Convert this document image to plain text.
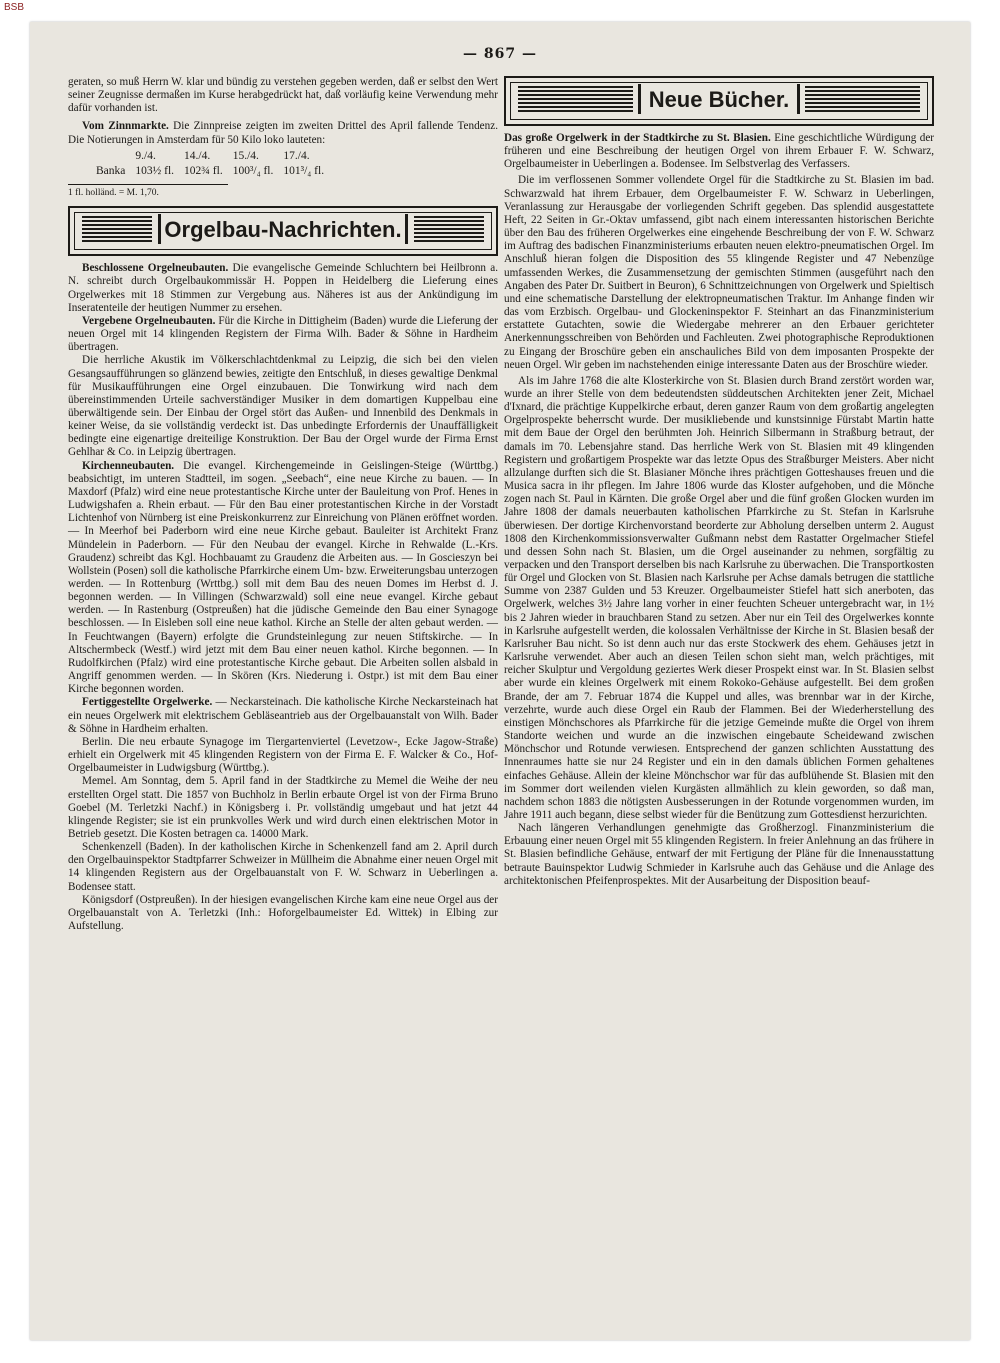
BSB
— 867 —

geraten, so muß Herrn W. klar und bündig zu verstehen gegeben werden, daß er selbst den Wert seiner Zeugnisse dermaßen im Kurse herabgedrückt hat, daß vorläufig keine Verwendung mehr dafür vorhanden ist.

Vom Zinnmarkte. Die Zinnpreise zeigten im zweiten Drittel des April fallende Tendenz. Die Notierungen in Amsterdam für 50 Kilo loko lauteten:

	9./4.	14./4.	15./4.	17./4.
Banka	103½ fl.	102¾ fl.	100³/₄ fl.	101³/₄ fl.
1 fl. holländ. = M. 1,70.
Orgelbau-Nachrichten.

Beschlossene Orgelneubauten. Die evangelische Gemeinde Schluchtern bei Heilbronn a. N. schreibt durch Orgelbaukommissär H. Poppen in Heidelberg die Lieferung eines Orgelwerkes mit 18 Stimmen zur Vergebung aus. Näheres ist aus der Ankündigung im Inseratenteile der heutigen Nummer zu ersehen.

Vergebene Orgelneubauten. Für die Kirche in Dittigheim (Baden) wurde die Lieferung der neuen Orgel mit 14 klingenden Registern der Firma Wilh. Bader & Söhne in Hardheim übertragen.

Die herrliche Akustik im Völkerschlachtdenkmal zu Leipzig, die sich bei den vielen Gesangsaufführungen so glänzend bewies, zeitigte den Entschluß, in dieses gewaltige Denkmal für Musikaufführungen eine Orgel einzubauen. Die Tonwirkung wird nach dem übereinstimmenden Urteile sachverständiger Musiker in dem domartigen Kuppelbau eine überwältigende sein. Der Einbau der Orgel stört das Außen- und Innenbild des Denkmals in keiner Weise, da sie vollständig verdeckt ist. Das unbedingte Erfordernis der Unauffälligkeit bedingte eine eigenartige dreiteilige Konstruktion. Der Bau der Orgel wurde der Firma Ernst Gehlhar & Co. in Leipzig übertragen.

Kirchenneubauten. Die evangel. Kirchengemeinde in Geislingen-Steige (Württbg.) beabsichtigt, im unteren Stadtteil, im sogen. „Seebach“, eine neue Kirche zu bauen. — In Maxdorf (Pfalz) wird eine neue protestantische Kirche unter der Bauleitung von Prof. Henes in Ludwigshafen a. Rhein erbaut. — Für den Bau einer protestantischen Kirche in der Vorstadt Lichtenhof von Nürnberg ist eine Preiskonkurrenz zur Einreichung von Plänen eröffnet worden. — In Meerhof bei Paderborn wird eine neue Kirche gebaut. Bauleiter ist Architekt Franz Mündelein in Paderborn. — Für den Neubau der evangel. Kirche in Rehwalde (L.-Krs. Graudenz) schreibt das Kgl. Hochbauamt zu Graudenz die Arbeiten aus. — In Goscieszyn bei Wollstein (Posen) soll die katholische Pfarrkirche einem Um- bzw. Erweiterungsbau unterzogen werden. — In Rottenburg (Wrttbg.) soll mit dem Bau des neuen Domes im Herbst d. J. begonnen werden. — In Villingen (Schwarzwald) soll eine neue evangel. Kirche gebaut werden. — In Rastenburg (Ostpreußen) hat die jüdische Gemeinde den Bau einer Synagoge beschlossen. — In Eisleben soll eine neue kathol. Kirche an Stelle der alten gebaut werden. — In Feuchtwangen (Bayern) erfolgte die Grundsteinlegung zur neuen Stiftskirche. — In Altschermbeck (Westf.) wird jetzt mit dem Bau einer neuen kathol. Kirche begonnen. — In Rudolfkirchen (Pfalz) wird eine protestantische Kirche gebaut. Die Arbeiten sollen alsbald in Angriff genommen werden. — In Skören (Krs. Niederung i. Ostpr.) ist mit dem Bau einer Kirche begonnen worden.

Fertiggestellte Orgelwerke. — Neckarsteinach. Die katholische Kirche Neckarsteinach hat ein neues Orgelwerk mit elektrischem Gebläseantrieb aus der Orgelbauanstalt von Wilh. Bader & Söhne in Hardheim erhalten.

Berlin. Die neu erbaute Synagoge im Tiergartenviertel (Levetzow-, Ecke Jagow-Straße) erhielt ein Orgelwerk mit 45 klingenden Registern von der Firma E. F. Walcker & Co., Hof-Orgelbaumeister in Ludwigsburg (Württbg.).

Memel. Am Sonntag, dem 5. April fand in der Stadtkirche zu Memel die Weihe der neu erstellten Orgel statt. Die 1857 von Buchholz in Berlin erbaute Orgel ist von der Firma Bruno Goebel (M. Terletzki Nachf.) in Königsberg i. Pr. vollständig umgebaut und hat jetzt 44 klingende Register; sie ist ein prunkvolles Werk und wird durch einen elektrischen Motor in Betrieb gesetzt. Die Kosten betragen ca. 14000 Mark.

Schenkenzell (Baden). In der katholischen Kirche in Schenkenzell fand am 2. April durch den Orgelbauinspektor Stadtpfarrer Schweizer in Müllheim die Abnahme einer neuen Orgel mit 14 klingenden Registern aus der Orgelbauanstalt von F. W. Schwarz in Ueberlingen a. Bodensee statt.

Königsdorf (Ostpreußen). In der hiesigen evangelischen Kirche kam eine neue Orgel aus der Orgelbauanstalt von A. Terletzki (Inh.: Hoforgelbaumeister Ed. Wittek) in Elbing zur Aufstellung.

Neue Bücher.

Das große Orgelwerk in der Stadtkirche zu St. Blasien. Eine geschichtliche Würdigung der früheren und eine Beschreibung der heutigen Orgel von ihrem Erbauer F. W. Schwarz, Orgelbaumeister in Ueberlingen a. Bodensee. Im Selbstverlag des Verfassers.

Die im verflossenen Sommer vollendete Orgel für die Stadtkirche zu St. Blasien im bad. Schwarzwald hat ihrem Erbauer, dem Orgelbaumeister F. W. Schwarz in Ueberlingen, Veranlassung zur Herausgabe der vorliegenden Schrift gegeben. Das splendid ausgestattete Heft, 22 Seiten in Gr.-Oktav umfassend, gibt nach einem interessanten historischen Berichte über den Bau des früheren Orgelwerkes eine eingehende Beschreibung der von F. W. Schwarz im Auftrag des badischen Finanzministeriums erbauten neuen elektro-pneumatischen Orgel. Im Anschluß hieran folgen die Disposition des 55 klingende Register und 47 Nebenzüge umfassenden Werkes, die Zusammensetzung der gemischten Stimmen (ausgeführt nach den Angaben des Pater Dr. Suitbert in Beuron), 6 Schnittzeichnungen von Orgelwerk und Spieltisch und eine schematische Darstellung der elektropneumatischen Traktur. Im Anhange finden wir das vom Erzbisch. Orgelbau- und Glockeninspektor F. Steinhart an das Finanzministerium erstattete Gutachten, sowie die Wiedergabe mehrerer an den Erbauer gerichteter Anerkennungsschreiben von Behörden und Fachleuten. Zwei photographische Reproduktionen zu Eingang der Broschüre geben ein anschauliches Bild von dem imposanten Prospekte der neuen Orgel. Wir geben im nachstehenden einige interessante Daten aus der Broschüre wieder.

Als im Jahre 1768 die alte Klosterkirche von St. Blasien durch Brand zerstört worden war, wurde an ihrer Stelle von dem bedeutendsten süddeutschen Architekten jener Zeit, Michael d'Ixnard, die prächtige Kuppelkirche erbaut, deren ganzer Raum von dem großartig angelegten Orgelprospekte beherrscht wurde. Der musikliebende und kunstsinnige Fürstabt Martin hatte mit dem Baue der Orgel den berühmten Joh. Heinrich Silbermann in Straßburg betraut, der damals im 70. Lebensjahre stand. Das herrliche Werk von St. Blasien mit 49 klingenden Registern und großartigem Prospekte war das letzte Opus des Straßburger Meisters. Aber nicht allzulange durften sich die St. Blasianer Mönche ihres prächtigen Gotteshauses freuen und die Musica sacra in ihr pflegen. Im Jahre 1806 wurde das Kloster aufgehoben, und die Mönche zogen nach St. Paul in Kärnten. Die große Orgel aber und die fünf großen Glocken wurden im Jahre 1808 der damals neuerbauten katholischen Pfarrkirche zu St. Stefan in Karlsruhe überwiesen. Der dortige Kirchenvorstand beorderte zur Abholung derselben unterm 2. August 1808 den Kirchenkommissionsverwalter Gußmann nebst dem Rastatter Orgelmacher Stiefel und dessen Sohn nach St. Blasien, um die Orgel auseinander zu nehmen, sorgfältig zu verpacken und den Transport derselben bis nach Karlsruhe zu überwachen. Die Transportkosten für Orgel und Glocken von St. Blasien nach Karlsruhe per Achse damals betrugen die stattliche Summe von 2387 Gulden und 53 Kreuzer. Orgelbaumeister Stiefel hatt sich anerboten, das Orgelwerk, welches 3½ Jahre lang vorher in einer feuchten Scheuer untergebracht war, in 1½ bis 2 Jahren wieder in brauchbaren Stand zu setzen. Aber nur ein Teil des Orgelwerkes konnte in Karlsruhe aufgestellt werden, die kolossalen Verhältnisse der Kirche in St. Blasien besaß der Karlsruher Bau nicht. So ist denn auch nur das erste Stockwerk des ehem. Gehäuses jetzt in Karlsruhe verwendet. Aber auch an diesen Teilen schon sieht man, welch prächtiges, mit reicher Skulptur und Vergoldung geziertes Werk dieser Prospekt einst war. In St. Blasien selbst aber wurde ein kleines Orgelwerk mit einem Rokoko-Gehäuse aufgestellt. Bei dem großen Brande, der am 7. Februar 1874 die Kuppel und alles, was brennbar war in der Kirche, verzehrte, wurde auch diese Orgel ein Raub der Flammen. Bei der Wiederherstellung des einstigen Mönchschores als Pfarrkirche für die jetzige Gemeinde mußte die Orgel von ihrem Standorte weichen und wurde an die inzwischen eingebaute Scheidewand zwischen Mönchschor und Rotunde verwiesen. Entsprechend der ganzen schlichten Ausstattung des Innenraumes hatte sie nur 24 Register und ein in den damals üblichen Formen gehaltenes einfaches Gehäuse. Allein der kleine Mönchschor war für das aufblühende St. Blasien mit den im Sommer dort weilenden vielen Kurgästen allmählich zu klein geworden, so daß man, nachdem schon 1883 die nötigsten Ausbesserungen in der Rotunde vorgenommen wurden, im Jahre 1911 auch begann, diese selbst wieder für die Benützung zum Gottesdienst herzurichten.

Nach längeren Verhandlungen genehmigte das Großherzogl. Finanzministerium die Erbauung einer neuen Orgel mit 55 klingenden Registern. In freier Anlehnung an das frühere in St. Blasien befindliche Gehäuse, entwarf der mit Fertigung der Pläne für die Innenausstattung betraute Bauinspektor Ludwig Schmieder in Karlsruhe auch das Gehäuse und die Anlage des architektonischen Pfeifenprospektes. Mit der Ausarbeitung der Disposition beauf-
